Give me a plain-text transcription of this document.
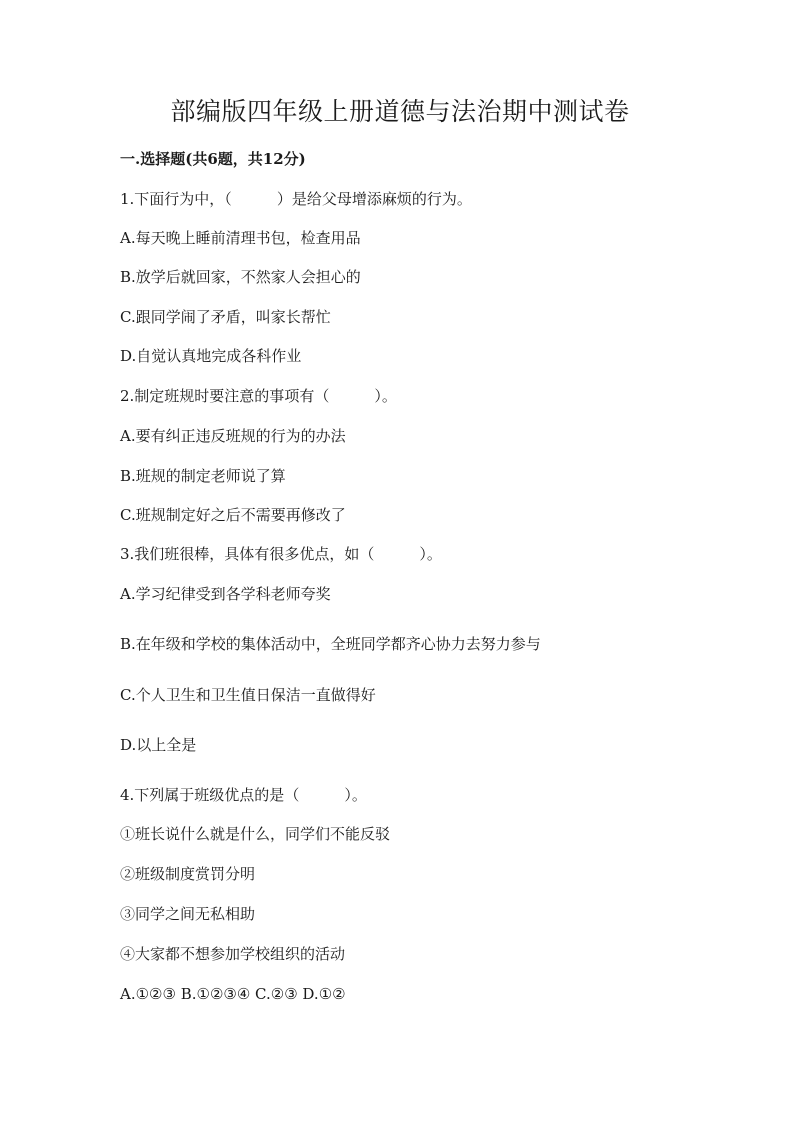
部编版四年级上册道德与法治期中测试卷
一.选择题(共6题，共12分)
1.下面行为中，（　　　）是给父母增添麻烦的行为。
A.每天晚上睡前清理书包，检查用品
B.放学后就回家，不然家人会担心的
C.跟同学闹了矛盾，叫家长帮忙
D.自觉认真地完成各科作业
2.制定班规时要注意的事项有（　　　）。
A.要有纠正违反班规的行为的办法
B.班规的制定老师说了算
C.班规制定好之后不需要再修改了
3.我们班很棒，具体有很多优点，如（　　　）。
A.学习纪律受到各学科老师夸奖
B.在年级和学校的集体活动中，全班同学都齐心协力去努力参与
C.个人卫生和卫生值日保洁一直做得好
D.以上全是
4.下列属于班级优点的是（　　　）。
①班长说什么就是什么，同学们不能反驳
②班级制度赏罚分明
③同学之间无私相助
④大家都不想参加学校组织的活动
A.①②③ B.①②③④ C.②③ D.①②
